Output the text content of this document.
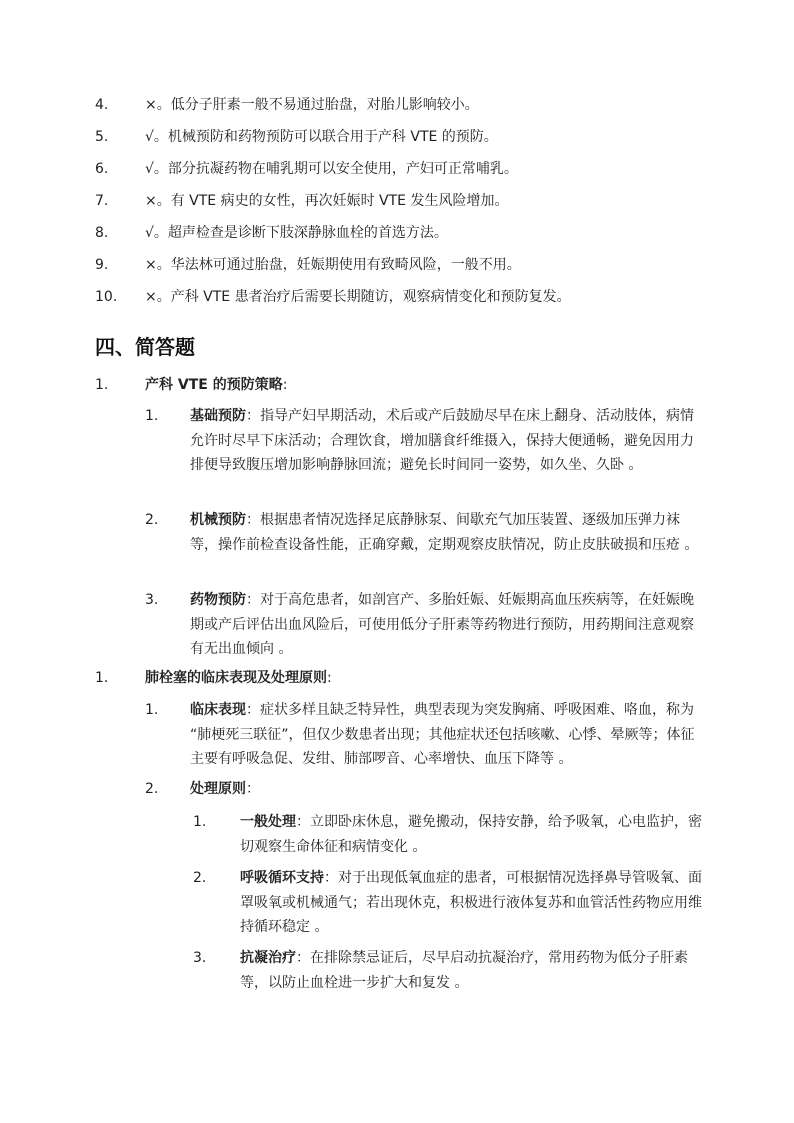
4.	×。低分子肝素一般不易通过胎盘，对胎儿影响较小。
5.	√。机械预防和药物预防可以联合用于产科 VTE 的预防。
6.	√。部分抗凝药物在哺乳期可以安全使用，产妇可正常哺乳。
7.	×。有 VTE 病史的女性，再次妊娠时 VTE 发生风险增加。
8.	√。超声检查是诊断下肢深静脉血栓的首选方法。
9.	×。华法林可通过胎盘，妊娠期使用有致畸风险，一般不用。
10. ×。产科 VTE 患者治疗后需要长期随访，观察病情变化和预防复发。
四、简答题
1.	产科 VTE 的预防策略:
1. 基础预防：指导产妇早期活动，术后或产后鼓励尽早在床上翻身、活动肢体，病情允许时尽早下床活动；合理饮食，增加膳食纤维摄入，保持大便通畅，避免因用力排便导致腹压增加影响静脉回流；避免长时间同一姿势，如久坐、久卧 。
2. 机械预防：根据患者情况选择足底静脉泵、间歇充气加压装置、逐级加压弹力袜等，操作前检查设备性能，正确穿戴，定期观察皮肤情况，防止皮肤破损和压疮 。
3. 药物预防：对于高危患者，如剖宫产、多胎妊娠、妊娠期高血压疾病等，在妊娠晚期或产后评估出血风险后，可使用低分子肝素等药物进行预防，用药期间注意观察有无出血倾向 。
1.	肺栓塞的临床表现及处理原则:
1. 临床表现：症状多样且缺乏特异性，典型表现为突发胸痛、呼吸困难、咯血，称为 “肺梗死三联征”，但仅少数患者出现；其他症状还包括咳嗽、心悸、晕厥等；体征主要有呼吸急促、发绀、肺部啰音、心率增快、血压下降等 。
2. 处理原则：
1. 一般处理：立即卧床休息，避免搬动，保持安静，给予吸氧，心电监护，密切观察生命体征和病情变化 。
2. 呼吸循环支持：对于出现低氧血症的患者，可根据情况选择鼻导管吸氧、面罩吸氧或机械通气；若出现休克，积极进行液体复苏和血管活性药物应用维持循环稳定 。
3. 抗凝治疗：在排除禁忌证后，尽早启动抗凝治疗，常用药物为低分子肝素等，以防止血栓进一步扩大和复发 。
